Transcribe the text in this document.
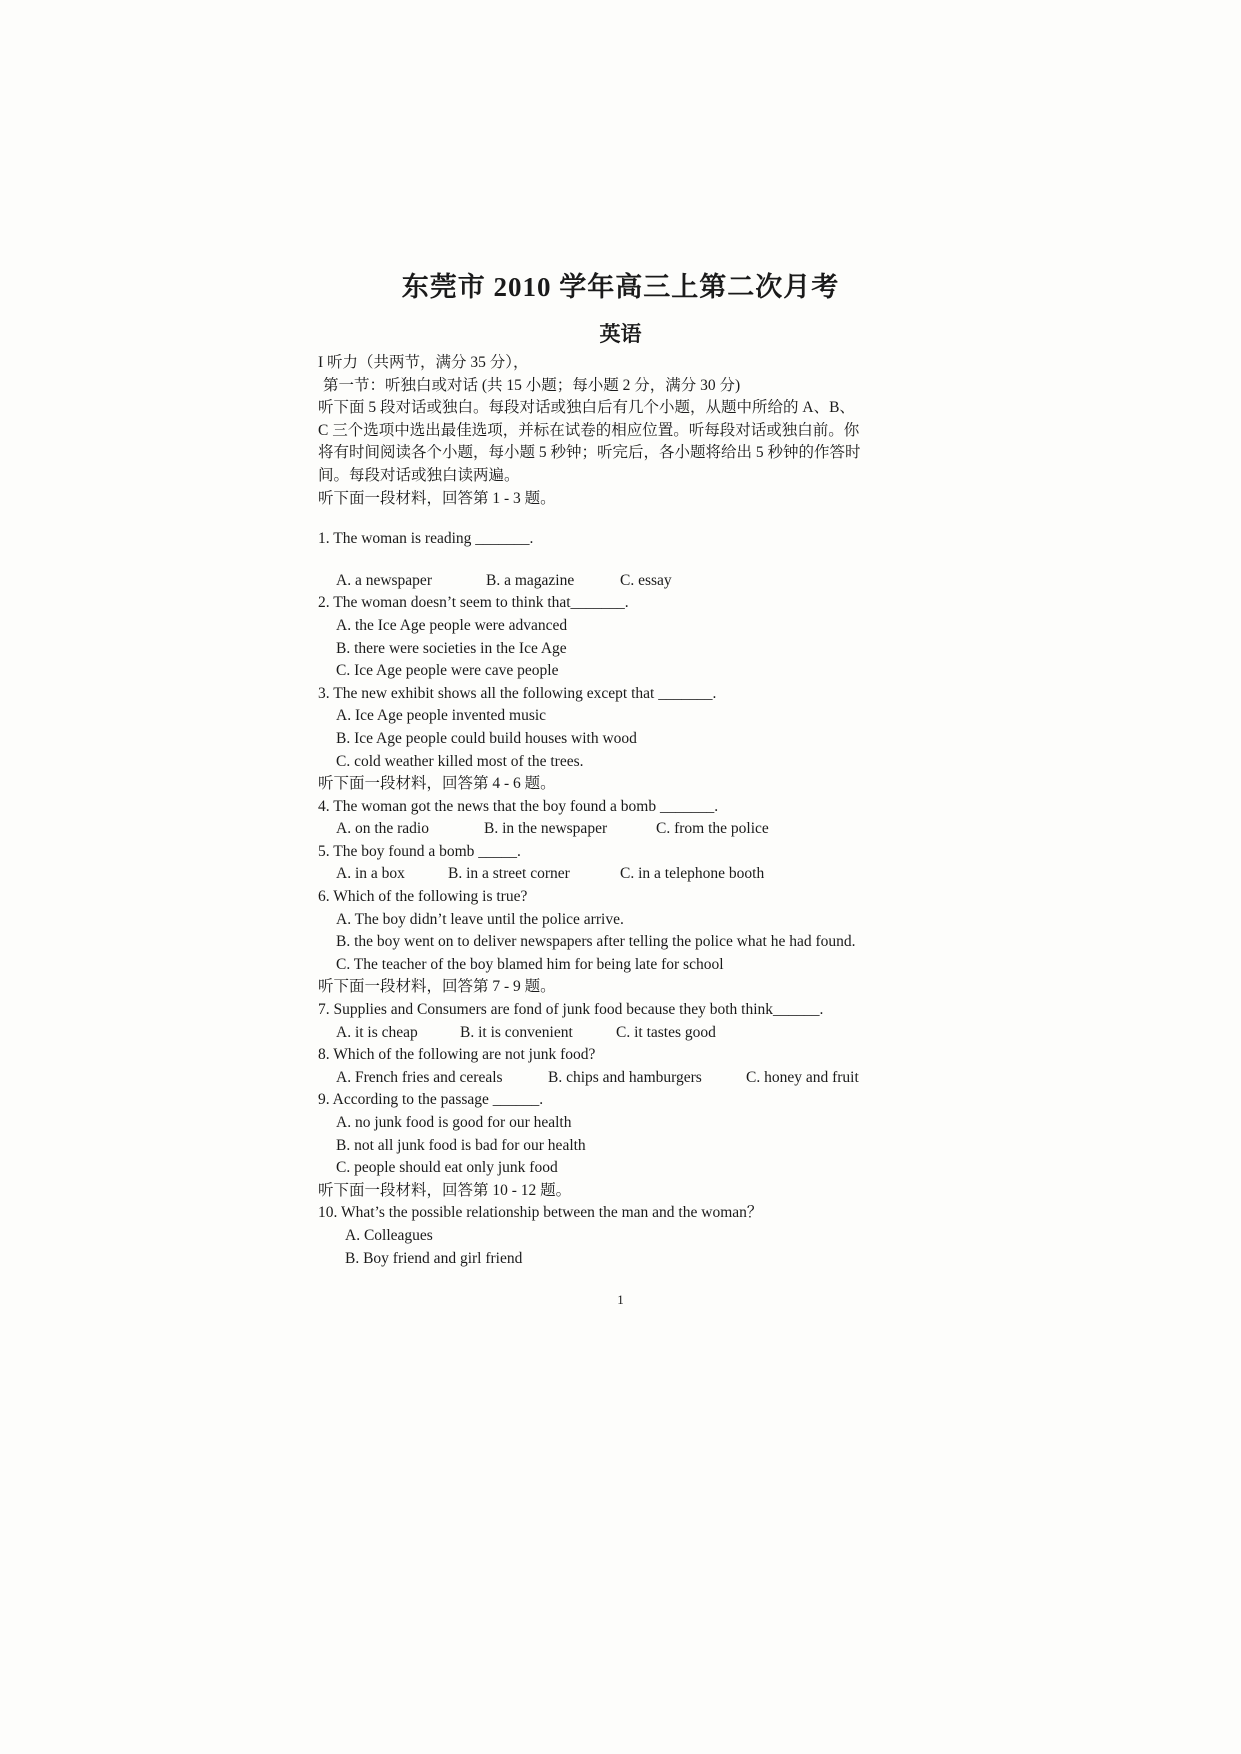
东莞市 2010 学年高三上第二次月考
英语
I 听力（共两节，满分 35 分），
第一节：听独白或对话 (共 15 小题；每小题 2 分，满分 30 分)
听下面 5 段对话或独白。每段对话或独白后有几个小题，从题中所给的 A、B、
C 三个选项中选出最佳选项，并标在试卷的相应位置。听每段对话或独白前。你
将有时间阅读各个小题，每小题 5 秒钟；听完后，各小题将给出 5 秒钟的作答时
间。每段对话或独白读两遍。
听下面一段材料，回答第 1 - 3 题。
1. The woman is reading _______.
A. a newspaper	B. a magazine	C. essay
2. The woman doesn’t seem to think that_______.
A. the Ice Age people were advanced
B. there were societies in the Ice Age
C. Ice Age people were cave people
3. The new exhibit shows all the following except that _______.
A. Ice Age people invented music
B. Ice Age people could build houses with wood
C. cold weather killed most of the trees.
听下面一段材料，回答第 4 - 6 题。
4. The woman got the news that the boy found a bomb _______.
A. on the radio	B. in the newspaper	C. from the police
5. The boy found a bomb _____.
A. in a box	B. in a street corner	C. in a telephone booth
6. Which of the following is true?
A. The boy didn’t leave until the police arrive.
B. the boy went on to deliver newspapers after telling the police what he had found.
C. The teacher of the boy blamed him for being late for school
听下面一段材料，回答第 7 - 9 题。
7. Supplies and Consumers are fond of junk food because they both think______.
A. it is cheap	B. it is convenient	C. it tastes good
8. Which of the following are not junk food?
A. French fries and cereals	B. chips and hamburgers	C. honey and fruit
9. According to the passage ______.
A. no junk food is good for our health
B. not all junk food is bad for our health
C. people should eat only junk food
听下面一段材料，回答第 10 - 12 题。
10. What’s the possible relationship between the man and the woman？
A. Colleagues
B. Boy friend and girl friend
1
